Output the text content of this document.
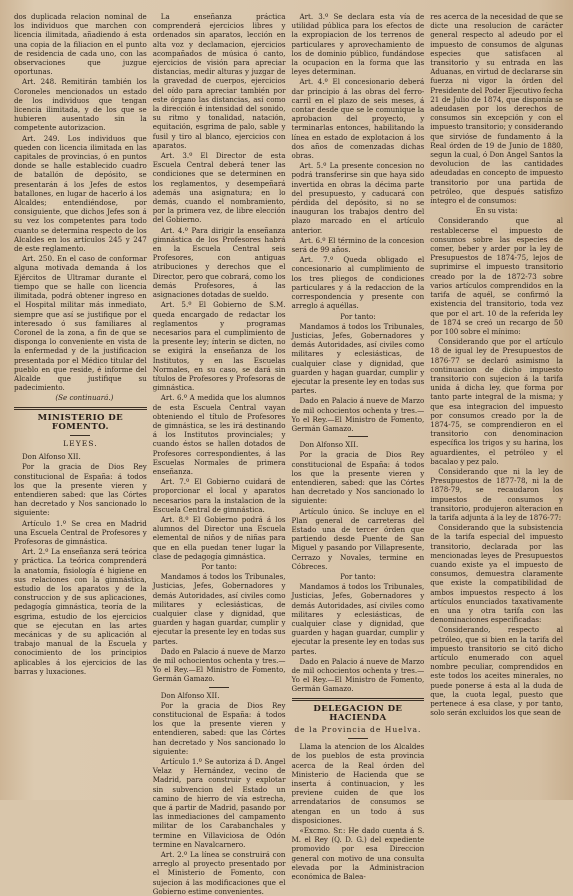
dos duplicada relacion nominal de los individuos que marchen con licencia ilimitada, añadiendo á esta una copia de la filiacion en el punto de residencia de cada uno, con las observaciones que juzgue oportunas.

Art. 248. Remitirán también los Coroneles mencionados un estado de los individuos que tengan licencia ilimitada, y de los que se hubieren ausentado sin la competente autorizacion.

Art. 249. Los individuos que queden con licencia ilimitada en las capitales de provincias, ó en puntos donde se halle establecido cuadro de batallón de depósito, se presentarán á los Jefes de estos batallones, en lugar de hacerlo á los Alcaldes; entendiéndose, por consiguiente, que dichos Jefes son á su vez los competentes para todo cuanto se determina respecto de los Alcaldes en los artículos 245 y 247 de este reglamento.

Art. 250. En el caso de conformar alguna motivada demanda á los Ejércitos de Ultramar durante el tiempo que se halle con licencia ilimitada, podrá obtener ingreso en el Hospital militar más inmediato, siempre que así se justifique por el interesado ó sus familiares al Coronel de la zona, a fin de que se disponga lo conveniente en vista de la enfermedad y de la justificacion presentada por el Médico titular del pueblo en que reside, é informe del Alcalde que justifique su padecimiento.

(Se continuará.)

MINISTERIO DE FOMENTO.
LEYES.

Don Alfonso XII.

Por la gracia de Dios Rey constitucional de España: á todos los que la presente vieren y entendieren sabed: que las Córtes han decretado y Nos sancionado lo siguiente:

Artículo 1.º Se crea en Madrid una Escuela Central de Profesores y Profesoras de gimnástica.

Art. 2.º La enseñanza será teórica y práctica. La teórica comprenderá la anatomía, fisiología é higiene en sus relaciones con la gimnástica, estudio de los aparatos y de la construccion y de sus aplicaciones, pedagogía gimnástica, teoría de la esgrima, estudio de los ejercicios que se ejecutan en las artes mecánicas y de su aplicación al trabajo manual de la Escuela y conocimiento de los principios aplicables á los ejercicios de las barras y luxaciones.

La enseñanza práctica comprenderá ejercicios libres y ordenados sin aparatos, lección en alta voz y declamacion, ejercicios acompañados de música ó canto, ejercicios de visión para apreciar distancias, medir alturas y juzgar de la gravedad de cuerpos, ejercicios del oído para apreciar también por este órgano las distancias, así como la dirección é intensidad del sonido, su ritmo y tonalidad, natación, equitación, esgrima de palo, sable y fusil y tiro al blanco, ejercicios con aparatos.

Art. 3.º El Director de esta Escuela Central deberá tener las condiciones que se determinen en los reglamentos, y desempeñará además una asignatura; en lo demás, cuando el nombramiento, por la primera vez, de libre elección del Gobierno.

Art. 4.º Para dirigir la enseñanza gimnástica de los Profesores habrá en la Escuela Central seis Profesores, con antiguas atribuciones y derechos que el Director, pero que cobrará, como los demás Profesores, á las asignaciones dotadas de sueldo.

Art. 5.º El Gobierno de S.M. queda encargado de redactar los reglamentos y programas necesarios para el cumplimiento de la presente ley; ínterin se dicten, no se exigirá la enseñanza de los Institutos, y en las Escuelas Normales, en su caso, se dará sin títulos de Profesores y Profesoras de gimnástica.

Art. 6.º A medida que los alumnos de esta Escuela Central vayan obteniendo el título de Profesores de gimnástica, se les irá destinando á los Institutos provinciales; y cuando éstos se hallen dotados de Profesores correspondientes, á las Escuelas Normales de primera enseñanza.

Art. 7.º El Gobierno cuidará de proporcionar el local y aparatos necesarios para la instalacion de la Escuela Central de gimnástica.

Art. 8.º El Gobierno podrá á los alumnos del Director una Escuela elemental de niños y de niñas para que en ella puedan tener lugar la clase de pedagogía gimnástica.

Por tanto:

Mandamos á todos los Tribunales, Justicias, Jefes, Gobernadores y demás Autoridades, así civiles como militares y eclesiásticas, de cualquier clase y dignidad, que guarden y hagan guardar, cumplir y ejecutar la presente ley en todas sus partes.

Dado en Palacio á nueve de Marzo de mil ochocientos ochenta y tres.—Yo el Rey.—El Ministro de Fomento, Germán Gamazo.

Don Alfonso XII.

Por la gracia de Dios Rey constitucional de España: á todos los que la presente vieren y entendieren, sabed: que las Córtes han decretado y Nos sancionado lo siguiente:

Artículo 1.º Se autoriza á D. Angel Velaz y Hernández, vecino de Madrid, para construir y explotar sin subvencion del Estado un camino de hierro de vía estrecha, que á partir de Madrid, pasando por las inmediaciones del campamento militar de los Carabanchales y termine en Villaviciosa de Odón termine en Navalcarnero.

Art. 2.º La línea se construirá con arreglo al proyecto presentado por el Ministerio de Fomento, con sujecion á las modificaciones que el Gobierno estime convenientes.

Art. 3.º Se declara esta vía de utilidad pública para los efectos de la expropiacion de los terrenos de particulares y aprovechamiento de los de dominio público, fundándose la ocupacion en la forma que las leyes determinan.

Art. 4.º El concesionario deberá dar principio á las obras del ferro-carril en el plazo de seis meses, á contar desde que se le comunique la aprobacion del proyecto, y terminarlas entonces, habilitando la línea en estado de explotacion á los dos años de comenzadas dichas obras.

Art. 5.º La presente concesion no podrá transferirse sin que haya sido invertida en obras la décima parte del presupuesto, y caducará con pérdida del depósito, si no se inauguran los trabajos dentro del plazo marcado en el artículo anterior.

Art. 6.º El término de la concesion será de 99 años.

Art. 7.º Queda obligado el concesionario al cumplimiento de los tres pliegos de condiciones particulares y á la redaccion de la correspondencia y presente con arreglo á aquéllas.

Por tanto:

Mandamos á todos los Tribunales, Justicias, Jefes, Gobernadores y demás Autoridades, así civiles como militares y eclesiásticas, de cualquier clase y dignidad, que guarden y hagan guardar, cumplir y ejecutar la presente ley en todas sus partes.

Dado en Palacio á nueve de Marzo de mil ochocientos ochenta y tres.—Yo el Rey.—El Ministro de Fomento, Germán Gamazo.

Don Alfonso XII.

Por la gracia de Dios Rey constitucional de España: á todos los que la presente vieren y entendieren, sabed: que las Córtes han decretado y Nos sancionado lo siguiente:

Artículo único. Se incluye en el Plan general de carreteras del Estado una de tercer órden que partiendo desde Puente de San Miguel y pasando por Villapresente, Cerrazo y Novales, termine en Cóbreces.

Por tanto:

Mandamos á todos los Tribunales, Justicias, Jefes, Gobernadores y demás Autoridades, así civiles como militares y eclesiásticas, de cualquier clase y dignidad, que guarden y hagan guardar, cumplir y ejecutar la presente ley en todas sus partes.

Dado en Palacio á nueve de Marzo de mil ochocientos ochenta y tres.—Yo el Rey.—El Ministro de Fomento, Germán Gamazo.

DELEGACION DE HACIENDA
de la Provincia de Huelva.

Llama la atencion de los Alcaldes de los pueblos de esta provincia acerca de la Real órden del Ministerio de Hacienda que se inserta á continuacion, y les previene cuiden de que los arrendatarios de consumos se atengan en un todo á sus disposiciones.

«Excmo. Sr.: He dado cuenta á S. M. el Rey (Q. D. G.) del expediente promovido por esa Direccion general con motivo de una consulta elevada por la Administracion económica de Balea-

res acerca de la necesidad de que se dicte una resolucion de carácter general respecto al adeudo por el impuesto de consumos de algunas especies que satisfacen al transitorio y su entrada en las Aduanas, en virtud de declararse sin fuerza ni vigor la órden del Presidente del Poder Ejecutivo fecha 21 de Julio de 1874, que disponía se adeudasen por los derechos de consumos sin excepción y con el impuesto transitorio; y considerando que sirvióse de fundamento á la Real órden de 19 de Junio de 1880, segun la cual, ó Don Angel Santos la devolucion de las cantidades adeudadas en concepto de impuesto transitorio por una partida de petróleo, que después satisfizo íntegro el de consumos:

En su vista:

Considerando que al restablecerse el impuesto de consumos sobre las especies de comer, beber y arder por la ley de Presupuestos de 1874-75, lejos de suprimirse el impuesto transitorio creado por la de 1872-73 sobre varios artículos comprendidos en la tarifa de aquél, se confirmó la existencia del transitorio, toda vez que por el art. 10 de la referida ley de 1874 se creó un recargo de 50 por 100 sobre el mínimo:

Considerando que por el artículo 18 de igual ley de Presupuestos de 1876-77 se declaró asimismo la continuacion de dicho impuesto transitorio con sujecion á la tarifa unida á dicha ley, que forma por tanto parte integral de la misma; y que esa integracion del impuesto por consumos creado por la de 1874-75, se comprendieron en el transitorio con denominacion específica los trigos y su harina, los aguardientes, el petróleo y el bacalao y pez palo.

Considerando que ni la ley de Presupuestos de 1877-78, ni la de 1878-79, se recaudaron los impuestos de consumos y transitorio, produjeron alteracion en la tarifa adjunta á la ley de 1876-77:

Considerando que la subsistencia de la tarifa especial del impuesto transitorio, declarada por las mencionadas leyes de Presupuestos cuando existe ya el impuesto de consumos, demuestra claramente que existe la compatibilidad de ambos impuestos respecto á los artículos enunciados taxativamente en una y otra tarifa con las denominaciones especificadas:

Considerando, respecto al petróleo, que si bien en la tarifa del impuesto transitorio se citó dicho artículo enumerado con aquel nombre peculiar, comprendidos en este todos los aceites minerales, no puede ponerse á esta al la duda de que, la cuota legal, puesto que pertenece á esa clase, y por tanto, solo serán excluidos los que sean de
